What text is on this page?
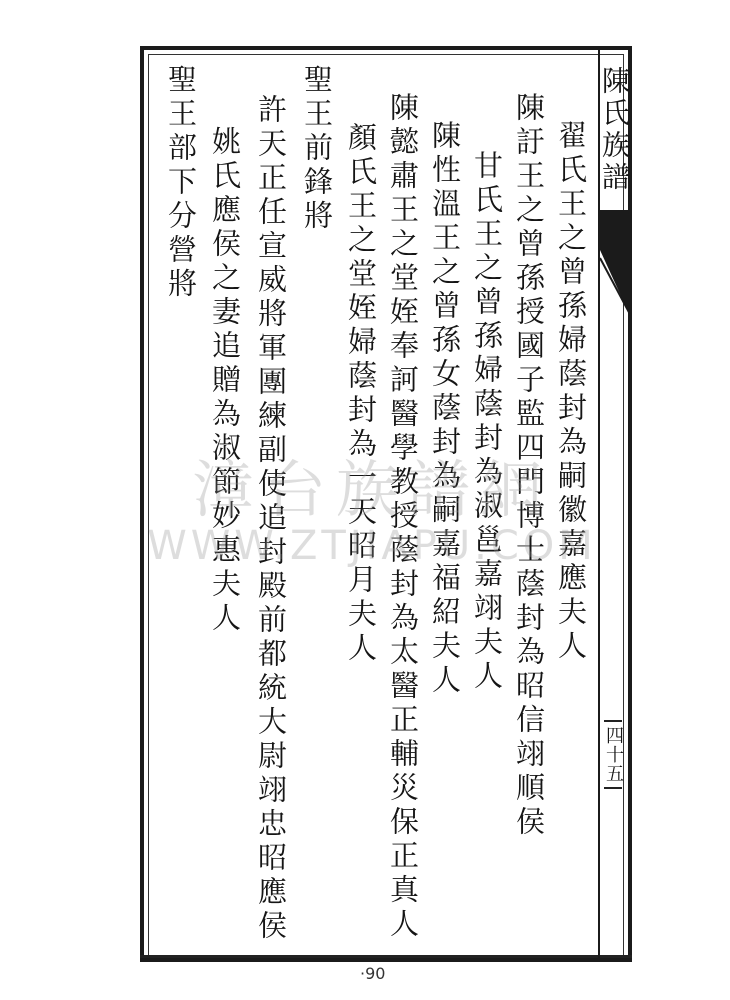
陳氏族譜
四十五
翟氏王之曾孫婦蔭封為嗣徽嘉應夫人
陳訏王之曾孫授國子監四門博士蔭封為昭信翊順侯
甘氏王之曾孫婦蔭封為淑邕嘉翊夫人
陳性溫王之曾孫女蔭封為嗣嘉福紹夫人
陳懿肅王之堂姪奉訶醫學教授蔭封為太醫正輔災保正真人
顏氏王之堂姪婦蔭封為一天昭月夫人
聖王前鋒將
許天正任宣威將軍團練副使追封殿前都統大尉翊忠昭應侯
姚氏應侯之妻追贈為淑節妙惠夫人
聖王部下分營將
漳台族譜網
WWW.ZTJIAPU.COM
·90
